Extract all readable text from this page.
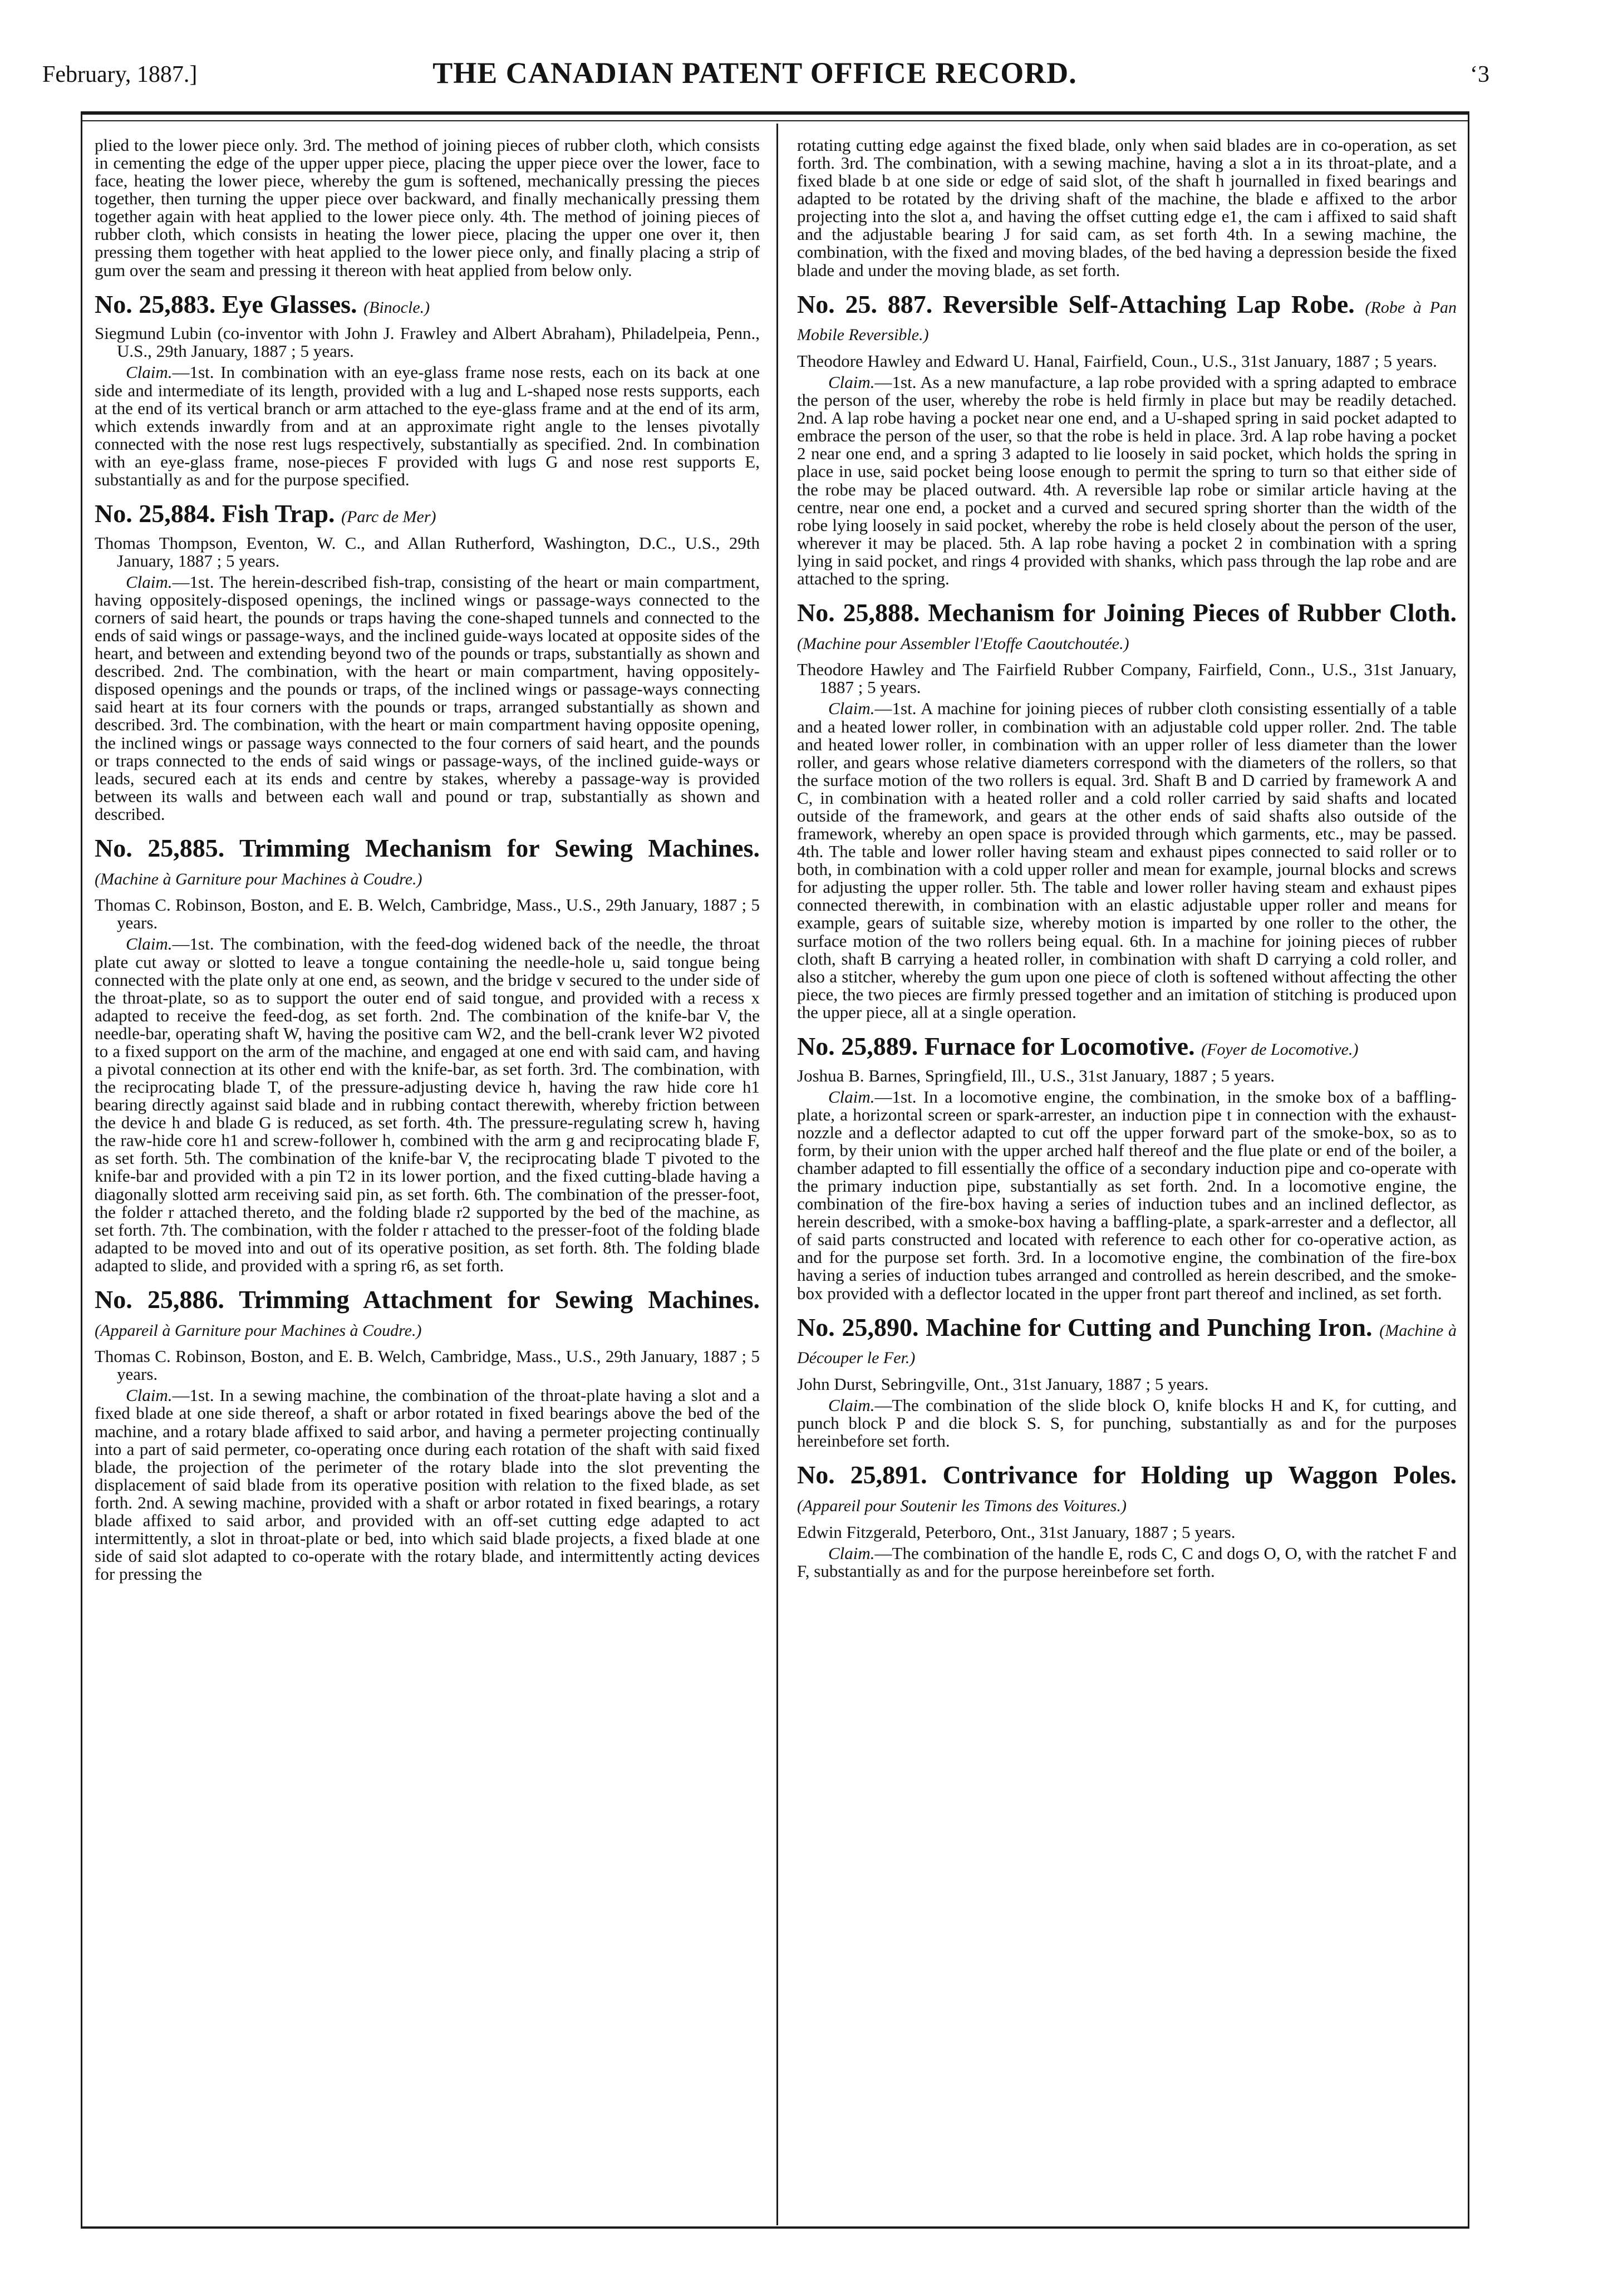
February, 1887.]	THE CANADIAN PATENT OFFICE RECORD.	‘3

plied to the lower piece only. 3rd. The method of joining pieces of rubber cloth, which consists in cementing the edge of the upper upper piece, placing the upper piece over the lower, face to face, heating the lower piece, whereby the gum is softened, mechanically pressing the pieces together, then turning the upper piece over backward, and finally mechanically pressing them together again with heat applied to the lower piece only. 4th. The method of joining pieces of rubber cloth, which consists in heating the lower piece, placing the upper one over it, then pressing them together with heat applied to the lower piece only, and finally placing a strip of gum over the seam and pressing it thereon with heat applied from below only.

No. 25,883. Eye Glasses. (Binocle.)

Siegmund Lubin (co-inventor with John J. Frawley and Albert Abraham), Philadelpeia, Penn., U.S., 29th January, 1887 ; 5 years.

Claim.—1st. In combination with an eye-glass frame nose rests, each on its back at one side and intermediate of its length, provided with a lug and L-shaped nose rests supports, each at the end of its vertical branch or arm attached to the eye-glass frame and at the end of its arm, which extends inwardly from and at an approximate right angle to the lenses pivotally connected with the nose rest lugs respectively, substantially as specified. 2nd. In combination with an eye-glass frame, nose-pieces F provided with lugs G and nose rest supports E, substantially as and for the purpose specified.

No. 25,884. Fish Trap. (Parc de Mer)

Thomas Thompson, Eventon, W. C., and Allan Rutherford, Washington, D.C., U.S., 29th January, 1887 ; 5 years.

Claim.—1st. The herein-described fish-trap, consisting of the heart or main compartment, having oppositely-disposed openings, the inclined wings or passage-ways connected to the corners of said heart, the pounds or traps having the cone-shaped tunnels and connected to the ends of said wings or passage-ways, and the inclined guide-ways located at opposite sides of the heart, and between and extending beyond two of the pounds or traps, substantially as shown and described. 2nd. The combination, with the heart or main compartment, having oppositely-disposed openings and the pounds or traps, of the inclined wings or passage-ways connecting said heart at its four corners with the pounds or traps, arranged substantially as shown and described. 3rd. The combination, with the heart or main compartment having opposite opening, the inclined wings or passage ways connected to the four corners of said heart, and the pounds or traps connected to the ends of said wings or passage-ways, of the inclined guide-ways or leads, secured each at its ends and centre by stakes, whereby a passage-way is provided between its walls and between each wall and pound or trap, substantially as shown and described.

No. 25,885. Trimming Mechanism for Sewing Machines. (Machine à Garniture pour Machines à Coudre.)

Thomas C. Robinson, Boston, and E. B. Welch, Cambridge, Mass., U.S., 29th January, 1887 ; 5 years.

Claim.—1st. The combination, with the feed-dog widened back of the needle, the throat plate cut away or slotted to leave a tongue containing the needle-hole u, said tongue being connected with the plate only at one end, as seown, and the bridge v secured to the under side of the throat-plate, so as to support the outer end of said tongue, and provided with a recess x adapted to receive the feed-dog, as set forth. 2nd. The combination of the knife-bar V, the needle-bar, operating shaft W, having the positive cam W2, and the bell-crank lever W2 pivoted to a fixed support on the arm of the machine, and engaged at one end with said cam, and having a pivotal connection at its other end with the knife-bar, as set forth. 3rd. The combination, with the reciprocating blade T, of the pressure-adjusting device h, having the raw hide core h1 bearing directly against said blade and in rubbing contact therewith, whereby friction between the device h and blade G is reduced, as set forth. 4th. The pressure-regulating screw h, having the raw-hide core h1 and screw-follower h, combined with the arm g and reciprocating blade F, as set forth. 5th. The combination of the knife-bar V, the reciprocating blade T pivoted to the knife-bar and provided with a pin T2 in its lower portion, and the fixed cutting-blade having a diagonally slotted arm receiving said pin, as set forth. 6th. The combination of the presser-foot, the folder r attached thereto, and the folding blade r2 supported by the bed of the machine, as set forth. 7th. The combination, with the folder r attached to the presser-foot of the folding blade adapted to be moved into and out of its operative position, as set forth. 8th. The folding blade adapted to slide, and provided with a spring r6, as set forth.

No. 25,886. Trimming Attachment for Sewing Machines. (Appareil à Garniture pour Machines à Coudre.)

Thomas C. Robinson, Boston, and E. B. Welch, Cambridge, Mass., U.S., 29th January, 1887 ; 5 years.

Claim.—1st. In a sewing machine, the combination of the throat-plate having a slot and a fixed blade at one side thereof, a shaft or arbor rotated in fixed bearings above the bed of the machine, and a rotary blade affixed to said arbor, and having a permeter projecting continually into a part of said permeter, co-operating once during each rotation of the shaft with said fixed blade, the projection of the perimeter of the rotary blade into the slot preventing the displacement of said blade from its operative position with relation to the fixed blade, as set forth. 2nd. A sewing machine, provided with a shaft or arbor rotated in fixed bearings, a rotary blade affixed to said arbor, and provided with an off-set cutting edge adapted to act intermittently, a slot in throat-plate or bed, into which said blade projects, a fixed blade at one side of said slot adapted to co-operate with the rotary blade, and intermittently acting devices for pressing the

rotating cutting edge against the fixed blade, only when said blades are in co-operation, as set forth. 3rd. The combination, with a sewing machine, having a slot a in its throat-plate, and a fixed blade b at one side or edge of said slot, of the shaft h journalled in fixed bearings and adapted to be rotated by the driving shaft of the machine, the blade e affixed to the arbor projecting into the slot a, and having the offset cutting edge e1, the cam i affixed to said shaft and the adjustable bearing J for said cam, as set forth 4th. In a sewing machine, the combination, with the fixed and moving blades, of the bed having a depression beside the fixed blade and under the moving blade, as set forth.

No. 25. 887. Reversible Self-Attaching Lap Robe. (Robe à Pan Mobile Reversible.)

Theodore Hawley and Edward U. Hanal, Fairfield, Coun., U.S., 31st January, 1887 ; 5 years.

Claim.—1st. As a new manufacture, a lap robe provided with a spring adapted to embrace the person of the user, whereby the robe is held firmly in place but may be readily detached. 2nd. A lap robe having a pocket near one end, and a U-shaped spring in said pocket adapted to embrace the person of the user, so that the robe is held in place. 3rd. A lap robe having a pocket 2 near one end, and a spring 3 adapted to lie loosely in said pocket, which holds the spring in place in use, said pocket being loose enough to permit the spring to turn so that either side of the robe may be placed outward. 4th. A reversible lap robe or similar article having at the centre, near one end, a pocket and a curved and secured spring shorter than the width of the robe lying loosely in said pocket, whereby the robe is held closely about the person of the user, wherever it may be placed. 5th. A lap robe having a pocket 2 in combination with a spring lying in said pocket, and rings 4 provided with shanks, which pass through the lap robe and are attached to the spring.

No. 25,888. Mechanism for Joining Pieces of Rubber Cloth. (Machine pour Assembler l'Etoffe Caoutchoutée.)

Theodore Hawley and The Fairfield Rubber Company, Fairfield, Conn., U.S., 31st January, 1887 ; 5 years.

Claim.—1st. A machine for joining pieces of rubber cloth consisting essentially of a table and a heated lower roller, in combination with an adjustable cold upper roller. 2nd. The table and heated lower roller, in combination with an upper roller of less diameter than the lower roller, and gears whose relative diameters correspond with the diameters of the rollers, so that the surface motion of the two rollers is equal. 3rd. Shaft B and D carried by framework A and C, in combination with a heated roller and a cold roller carried by said shafts and located outside of the framework, and gears at the other ends of said shafts also outside of the framework, whereby an open space is provided through which garments, etc., may be passed. 4th. The table and lower roller having steam and exhaust pipes connected to said roller or to both, in combination with a cold upper roller and mean for example, journal blocks and screws for adjusting the upper roller. 5th. The table and lower roller having steam and exhaust pipes connected therewith, in combination with an elastic adjustable upper roller and means for example, gears of suitable size, whereby motion is imparted by one roller to the other, the surface motion of the two rollers being equal. 6th. In a machine for joining pieces of rubber cloth, shaft B carrying a heated roller, in combination with shaft D carrying a cold roller, and also a stitcher, whereby the gum upon one piece of cloth is softened without affecting the other piece, the two pieces are firmly pressed together and an imitation of stitching is produced upon the upper piece, all at a single operation.

No. 25,889. Furnace for Locomotive. (Foyer de Locomotive.)

Joshua B. Barnes, Springfield, Ill., U.S., 31st January, 1887 ; 5 years.

Claim.—1st. In a locomotive engine, the combination, in the smoke box of a baffling-plate, a horizontal screen or spark-arrester, an induction pipe t in connection with the exhaust-nozzle and a deflector adapted to cut off the upper forward part of the smoke-box, so as to form, by their union with the upper arched half thereof and the flue plate or end of the boiler, a chamber adapted to fill essentially the office of a secondary induction pipe and co-operate with the primary induction pipe, substantially as set forth. 2nd. In a locomotive engine, the combination of the fire-box having a series of induction tubes and an inclined deflector, as herein described, with a smoke-box having a baffling-plate, a spark-arrester and a deflector, all of said parts constructed and located with reference to each other for co-operative action, as and for the purpose set forth. 3rd. In a locomotive engine, the combination of the fire-box having a series of induction tubes arranged and controlled as herein described, and the smoke-box provided with a deflector located in the upper front part thereof and inclined, as set forth.

No. 25,890. Machine for Cutting and Punching Iron. (Machine à Découper le Fer.)

John Durst, Sebringville, Ont., 31st January, 1887 ; 5 years.

Claim.—The combination of the slide block O, knife blocks H and K, for cutting, and punch block P and die block S. S, for punching, substantially as and for the purposes hereinbefore set forth.

No. 25,891. Contrivance for Holding up Waggon Poles. (Appareil pour Soutenir les Timons des Voitures.)

Edwin Fitzgerald, Peterboro, Ont., 31st January, 1887 ; 5 years.

Claim.—The combination of the handle E, rods C, C and dogs O, O, with the ratchet F and F, substantially as and for the purpose hereinbefore set forth.
